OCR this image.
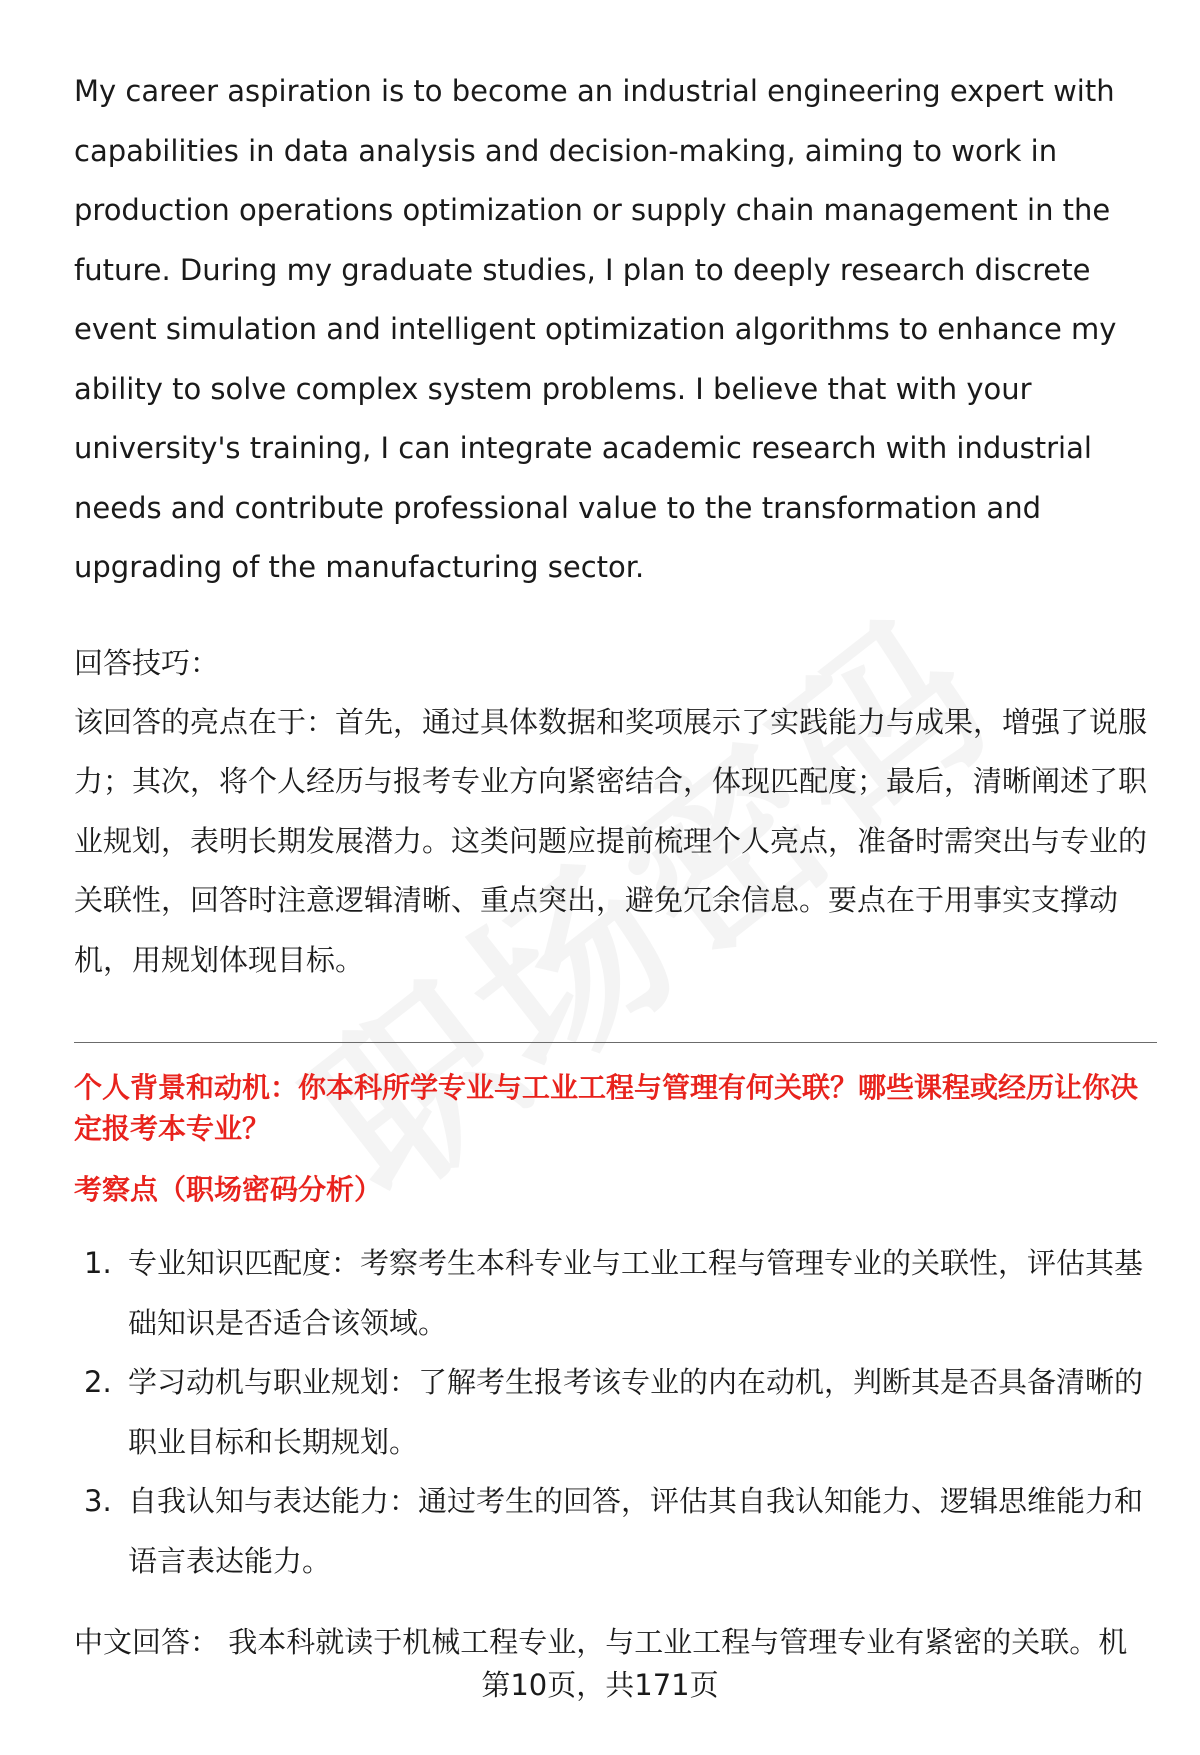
My career aspiration is to become an industrial engineering expert with capabilities in data analysis and decision-making, aiming to work in production operations optimization or supply chain management in the future. During my graduate studies, I plan to deeply research discrete event simulation and intelligent optimization algorithms to enhance my ability to solve complex system problems. I believe that with your university's training, I can integrate academic research with industrial needs and contribute professional value to the transformation and upgrading of the manufacturing sector.

回答技巧：

该回答的亮点在于：首先，通过具体数据和奖项展示了实践能力与成果，增强了说服力；其次，将个人经历与报考专业方向紧密结合，体现匹配度；最后，清晰阐述了职业规划，表明长期发展潜力。这类问题应提前梳理个人亮点，准备时需突出与专业的关联性，回答时注意逻辑清晰、重点突出，避免冗余信息。要点在于用事实支撑动机，用规划体现目标。

个人背景和动机：你本科所学专业与工业工程与管理有何关联？哪些课程或经历让你决定报考本专业？
考察点（职场密码分析）
1. 专业知识匹配度：考察考生本科专业与工业工程与管理专业的关联性，评估其基础知识是否适合该领域。
2. 学习动机与职业规划：了解考生报考该专业的内在动机，判断其是否具备清晰的职业目标和长期规划。
3. 自我认知与表达能力：通过考生的回答，评估其自我认知能力、逻辑思维能力和语言表达能力。

中文回答： 我本科就读于机械工程专业，与工业工程与管理专业有紧密的关联。机

第10页，共171页
